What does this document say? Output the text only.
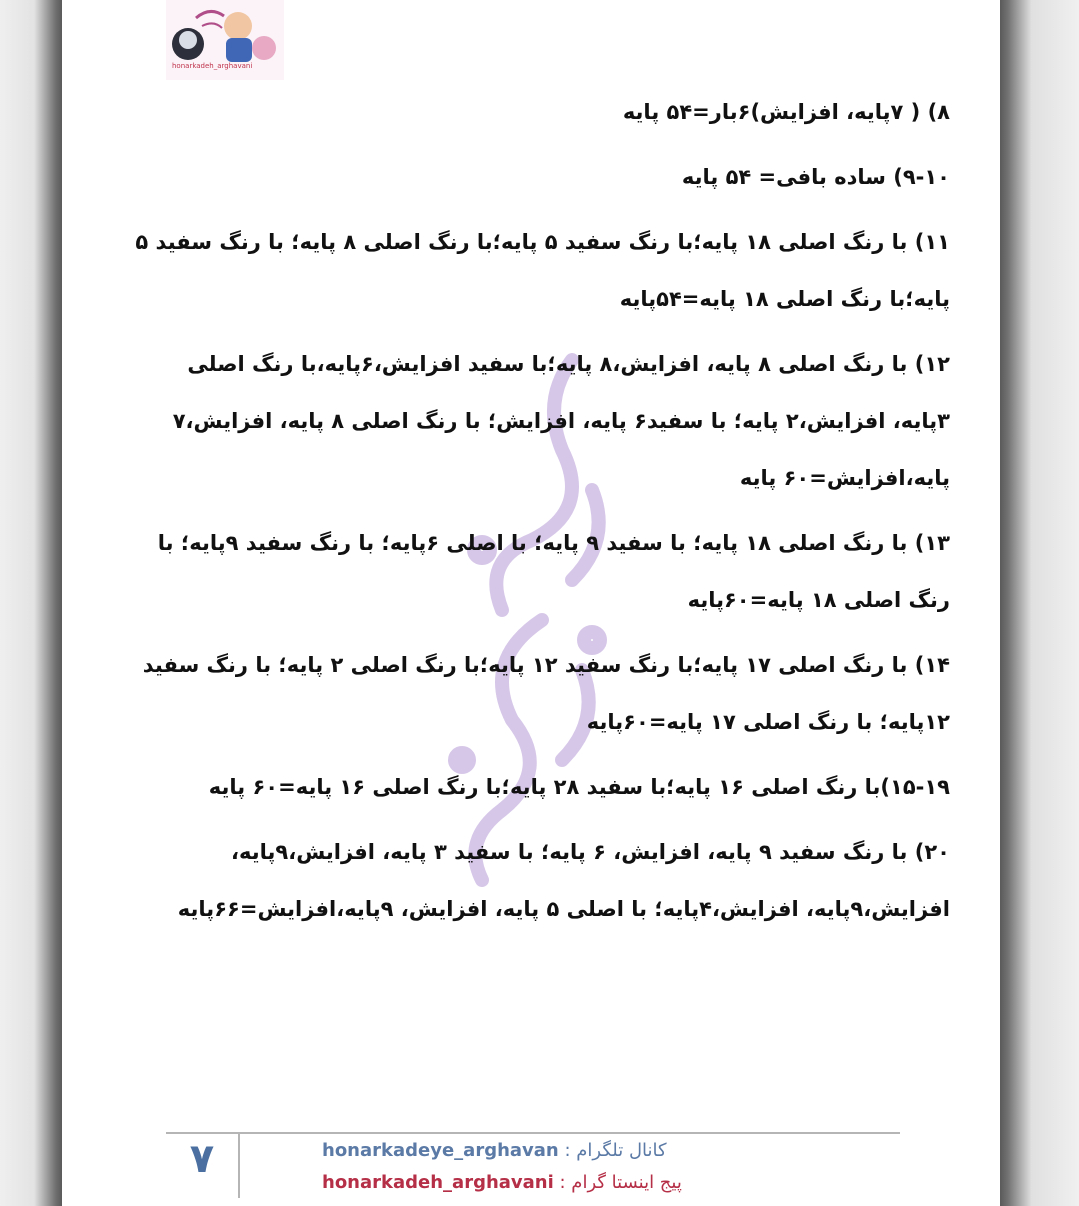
honarkadeh_arghavani

۸) ( ۷پایه، افزایش)۶بار=۵۴ پایه

۹-۱۰) ساده بافی= ۵۴ پایه

۱۱) با رنگ اصلی ۱۸ پایه؛با رنگ سفید ۵ پایه؛با رنگ اصلی ۸ پایه؛ با رنگ سفید ۵ پایه؛با رنگ اصلی ۱۸ پایه=۵۴پایه

۱۲) با رنگ اصلی ۸ پایه، افزایش،۸ پایه؛با سفید افزایش،۶پایه،با رنگ اصلی ۳پایه، افزایش،۲ پایه؛ با سفید۶ پایه، افزایش؛ با رنگ اصلی ۸ پایه، افزایش،۷ پایه،افزایش=۶۰ پایه

۱۳) با رنگ اصلی ۱۸ پایه؛ با سفید ۹ پایه؛ با اصلی ۶پایه؛ با رنگ سفید ۹پایه؛ با رنگ اصلی ۱۸ پایه=۶۰پایه

۱۴) با رنگ اصلی ۱۷ پایه؛با رنگ سفید ۱۲ پایه؛با رنگ اصلی ۲ پایه؛ با رنگ سفید ۱۲پایه؛ با رنگ اصلی ۱۷ پایه=۶۰پایه

۱۵-۱۹)با رنگ اصلی ۱۶ پایه؛با سفید ۲۸ پایه؛با رنگ اصلی ۱۶ پایه=۶۰ پایه

۲۰) با رنگ سفید ۹ پایه، افزایش، ۶ پایه؛ با سفید ۳ پایه، افزایش،۹پایه، افزایش،۹پایه، افزایش،۴پایه؛ با اصلی ۵ پایه، افزایش، ۹پایه،افزایش=۶۶پایه

۷	honarkadeye_arghavan کانال تلگرام :
honarkadeh_arghavani پیج اینستا گرام :
